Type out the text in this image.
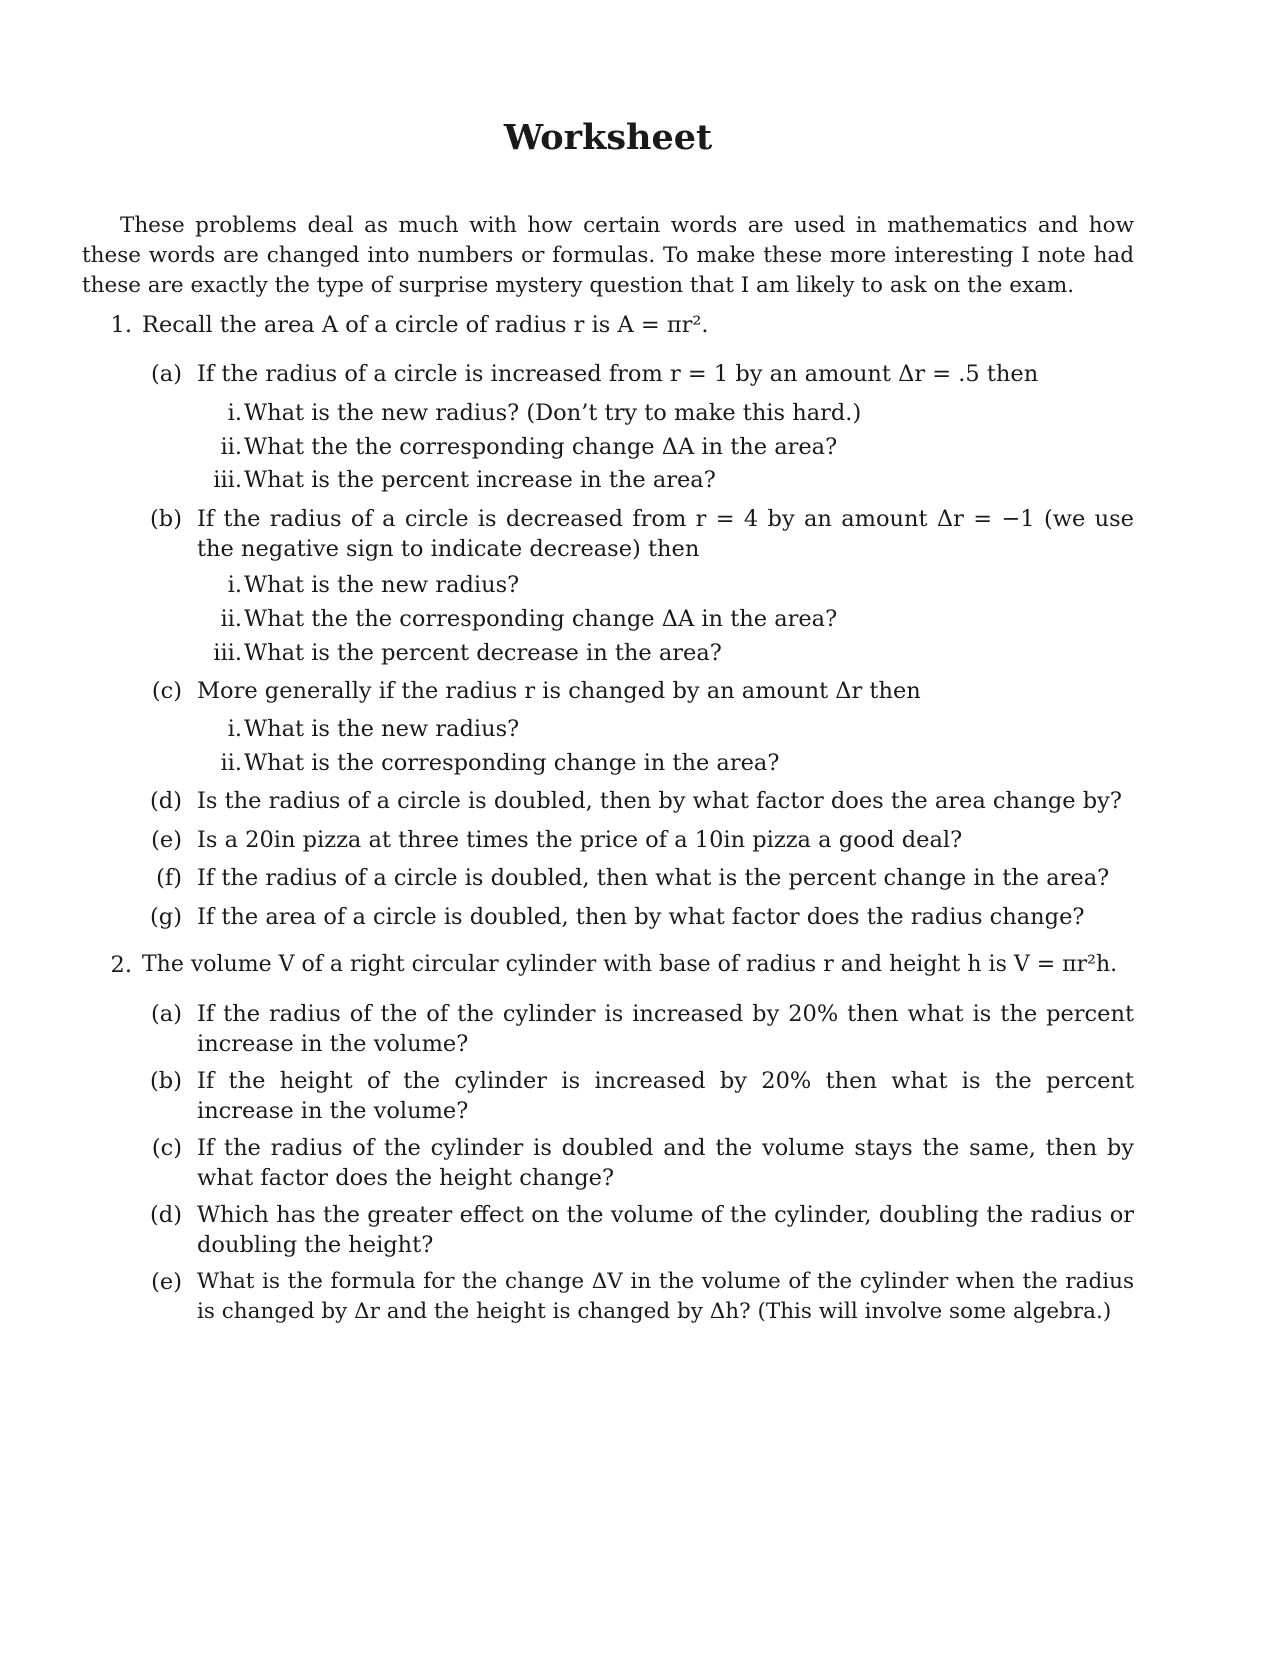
Worksheet
These problems deal as much with how certain words are used in mathematics and how these words are changed into numbers or formulas. To make these more interesting I note had these are exactly the type of surprise mystery question that I am likely to ask on the exam.
1. Recall the area A of a circle of radius r is A = πr².
(a) If the radius of a circle is increased from r = 1 by an amount Δr = .5 then
i. What is the new radius? (Don’t try to make this hard.)
ii. What the the corresponding change ΔA in the area?
iii. What is the percent increase in the area?
(b) If the radius of a circle is decreased from r = 4 by an amount Δr = −1 (we use the negative sign to indicate decrease) then
i. What is the new radius?
ii. What the the corresponding change ΔA in the area?
iii. What is the percent decrease in the area?
(c) More generally if the radius r is changed by an amount Δr then
i. What is the new radius?
ii. What is the corresponding change in the area?
(d) Is the radius of a circle is doubled, then by what factor does the area change by?
(e) Is a 20in pizza at three times the price of a 10in pizza a good deal?
(f) If the radius of a circle is doubled, then what is the percent change in the area?
(g) If the area of a circle is doubled, then by what factor does the radius change?
2. The volume V of a right circular cylinder with base of radius r and height h is V = πr²h.
(a) If the radius of the of the cylinder is increased by 20% then what is the percent increase in the volume?
(b) If the height of the cylinder is increased by 20% then what is the percent increase in the volume?
(c) If the radius of the cylinder is doubled and the volume stays the same, then by what factor does the height change?
(d) Which has the greater effect on the volume of the cylinder, doubling the radius or doubling the height?
(e) What is the formula for the change ΔV in the volume of the cylinder when the radius is changed by Δr and the height is changed by Δh? (This will involve some algebra.)
